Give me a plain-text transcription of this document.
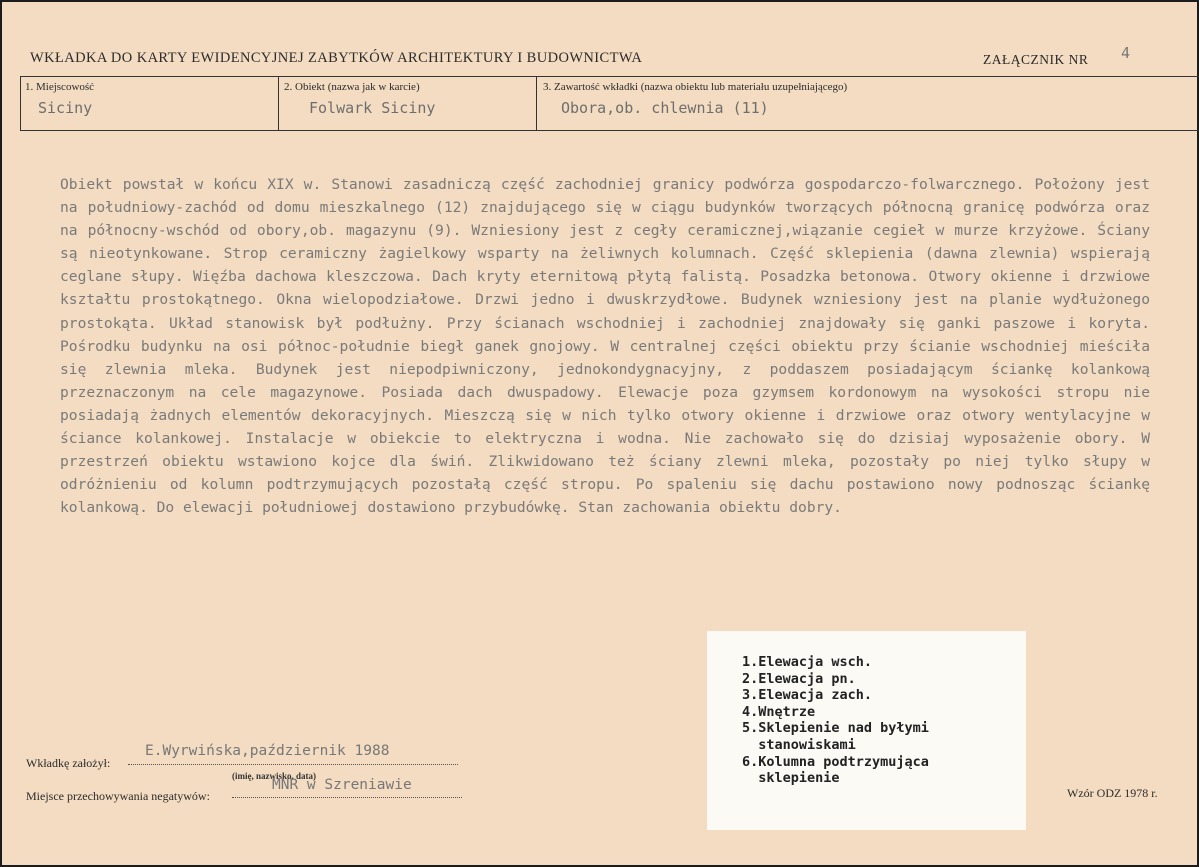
WKŁADKA DO KARTY EWIDENCYJNEJ ZABYTKÓW ARCHITEKTURY I BUDOWNICTWA	ZAŁĄCZNIK NR 4
1. Miejscowość
Siciny
2. Obiekt (nazwa jak w karcie)
Folwark Siciny
3. Zawartość wkładki (nazwa obiektu lub materiału uzupełniającego)
Obora,ob. chlewnia (11)

Obiekt powstał w końcu XIX w. Stanowi zasadniczą część zachodniej granicy podwórza gospodarczo-folwarcznego. Położony jest na południowy-zachód od domu mieszkalnego (12) znajdującego się w ciągu budynków tworzących północną granicę podwórza oraz na północny-wschód od obory,ob. magazynu (9). Wzniesiony jest z cegły ceramicznej,wiązanie cegieł w murze krzyżowe. Ściany są nieotynkowane. Strop ceramiczny żagielkowy wsparty na żeliwnych kolumnach. Część sklepienia (dawna zlewnia) wspierają ceglane słupy. Więźba dachowa kleszczowa. Dach kryty eternitową płytą falistą. Posadzka betonowa. Otwory okienne i drzwiowe kształtu prostokątnego. Okna wielopodziałowe. Drzwi jedno i dwuskrzydłowe. Budynek wzniesiony jest na planie wydłużonego prostokąta. Układ stanowisk był podłużny. Przy ścianach wschodniej i zachodniej znajdowały się ganki paszowe i koryta. Pośrodku budynku na osi północ-południe biegł ganek gnojowy. W centralnej części obiektu przy ścianie wschodniej mieściła się zlewnia mleka. Budynek jest niepodpiwniczony, jednokondygnacyjny, z poddaszem posiadającym ściankę kolankową przeznaczonym na cele magazynowe. Posiada dach dwuspadowy. Elewacje poza gzymsem kordonowym na wysokości stropu nie posiadają żadnych elementów dekoracyjnych. Mieszczą się w nich tylko otwory okienne i drzwiowe oraz otwory wentylacyjne w ściance kolankowej. Instalacje w obiekcie to elektryczna i wodna. Nie zachowało się do dzisiaj wyposażenie obory. W przestrzeń obiektu wstawiono kojce dla świń. Zlikwidowano też ściany zlewni mleka, pozostały po niej tylko słupy w odróżnieniu od kolumn podtrzymujących pozostałą część stropu. Po spaleniu się dachu postawiono nowy podnosząc ściankę kolankową. Do elewacji południowej dostawiono przybudówkę. Stan zachowania obiektu dobry.

1.Elewacja wsch.
2.Elewacja pn.
3.Elewacja zach.
4.Wnętrze
5.Sklepienie nad byłymi
stanowiskami
6.Kolumna podtrzymująca
sklepienie
Wkładkę założył:
E.Wyrwińska,październik 1988
(imię, nazwisko, data)
Miejsce przechowywania negatywów:
MNR w Szreniawie	Wzór ODZ 1978 r.
